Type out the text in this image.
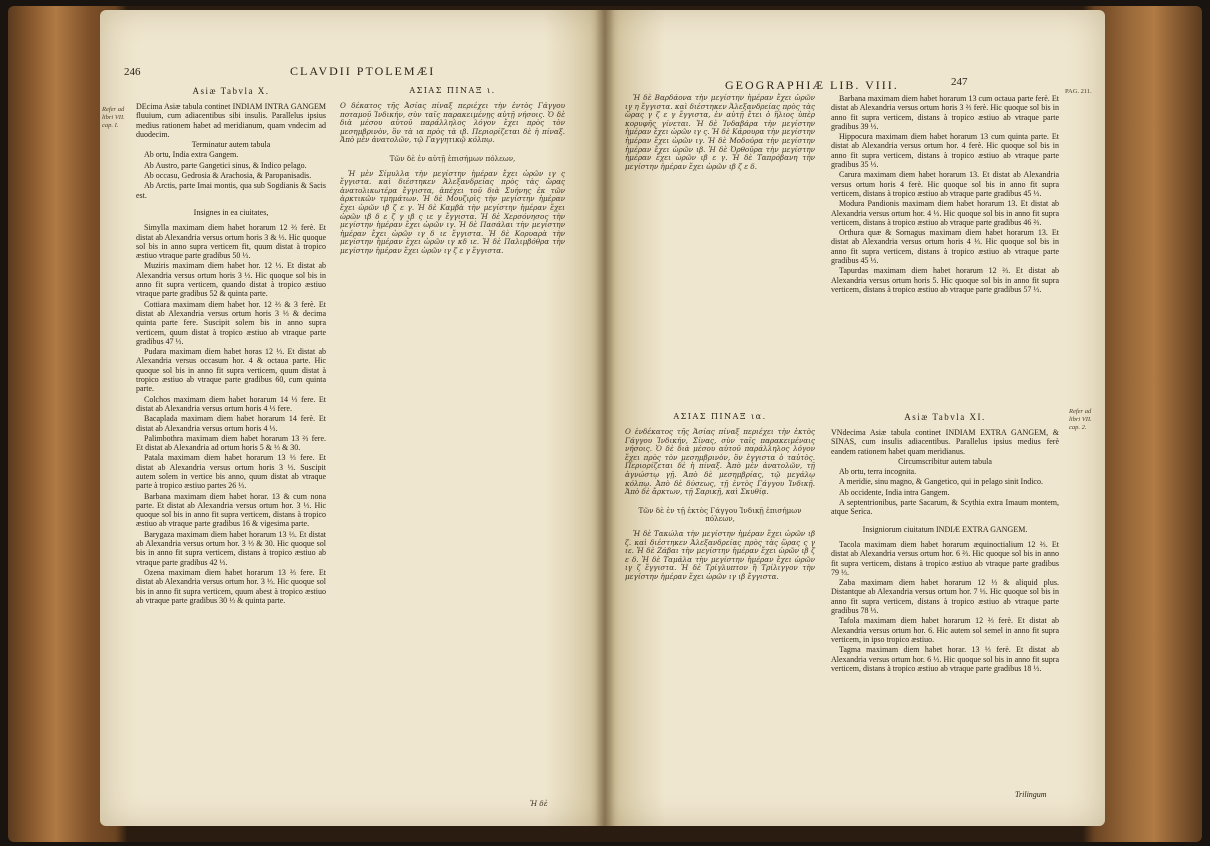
246	CLAVDII PTOLEMÆI
Asiæ Tabvla X.	ΑΣΙΑΣ ΠΙΝΑΞ ι.
Refer ad libri VII. cap. I.

DEcima Asiæ tabula continet INDIAM INTRA GANGEM fluuium, cum adiacentibus sibi insulis. Parallelus ipsius medius rationem habet ad meridianum, quam vndecim ad duodecim.

Terminatur autem tabula

Ab ortu, India extra Gangem.

Ab Austro, parte Gangetici sinus, & Indico pelago.

Ab occasu, Gedrosia & Arachosia, & Paropanisadis.

Ab Arctis, parte Imai montis, qua sub Sogdianis & Sacis est.

Insignes in ea ciuitates,

Simylla maximam diem habet horarum 12 ⅔ ferè. Et distat ab Alexandria versus ortum horis 3 & ⅓. Hic quoque sol bis in anno supra verticem fit, quum distat à tropico æstiuo vtraque parte gradibus 50 ⅓.

Muziris maximam diem habet hor. 12 ⅓. Et distat ab Alexandria versus ortum horis 3 ⅓. Hic quoque sol bis in anno fit supra verticem, quando distat à tropico æstiuo vtraque parte gradibus 52 & quinta parte.

Cottiara maximam diem habet hor. 12 ⅔ & 3 ferè. Et distat ab Alexandria versus ortum horis 3 ⅓ & decima quinta parte fere. Suscipit solem bis in anno supra verticem, quum distat à tropico æstiuo ab vtraque parte gradibus 47 ⅓.

Pudara maximam diem habet horas 12 ⅓. Et distat ab Alexandria versus occasum hor. 4 & octaua parte. Hic quoque sol bis in anno fit supra verticem, quum distat à tropico æstiuo ab vtraque parte gradibus 60, cum quinta parte.

Colchos maximam diem habet horarum 14 ⅓ fere. Et distat ab Alexandria versus ortum horis 4 ⅓ fere.

Bacaplada maximam diem habet horarum 14 ferè. Et distat ab Alexandria versus ortum horis 4 ⅓.

Palimbothra maximam diem habet horarum 13 ⅔ fere. Et distat ab Alexandria ad ortum horis 5 & ⅓ & 30.

Patala maximam diem habet horarum 13 ⅓ fere. Et distat ab Alexandria versus ortum horis 3 ⅓. Suscipit autem solem in vertice bis anno, quum distat ab vtraque parte à tropico æstiuo partes 26 ⅓.

Barbana maximam diem habet horar. 13 & cum nona parte. Et distat ab Alexandria versus ortum hor. 3 ⅓. Hic quoque sol bis in anno fit supra verticem, distans à tropico æstiuo ab vtraque parte gradibus 16 & vigesima parte.

Barygaza maximam diem habet horarum 13 ⅓. Et distat ab Alexandria versus ortum hor. 3 ⅓ & 30. Hic quoque sol bis in anno fit supra verticem, distans à tropico æstiuo ab vtraque parte gradibus 42 ⅓.

Ozena maximam diem habet horarum 13 ⅔ fere. Et distat ab Alexandria versus ortum hor. 3 ⅓. Hic quoque sol bis in anno fit supra verticem, quum abest à tropico æstiuo ab vtraque parte gradibus 30 ⅓ & quinta parte.

Ο δέκατος τῆς Ἀσίας πίναξ περιέχει τὴν ἐντὸς Γάγγου ποταμοῦ Ἰνδικήν, σὺν ταῖς παρακειμένῃς αὐτῇ νήσοις. Ὁ δὲ διὰ μέσου αὐτοῦ παράλληλος λόγον ἔχει πρὸς τὸν μεσημβρινὸν, ὃν τὰ ια πρὸς τὰ ιβ. Περιορίζεται δὲ ἡ πίναξ. Ἀπὸ μὲν ἀνατολῶν, τῷ Γαγγητικῷ κόλπῳ.

Τῶν δὲ ἐν αὐτῇ ἐπισήμων πόλεων,

Ἡ μὲν Σίμυλλα τὴν μεγίστην ἡμέραν ἔχει ὡρῶν ιγ ς ἔγγιστα. καὶ διέστηκεν Ἀλεξανδρείας πρὸς τὰς ὥρας ἀνατολικωτέρα ἔγγιστα, ἀπέχει τοῦ διὰ Συήνης ἐκ τῶν ἀρκτικῶν τμημάτων. Ἡ δὲ Μουζιρὶς τὴν μεγίστην ἡμέραν ἔχει ὡρῶν ιβ ζ ε γ. Ἡ δὲ Καμβὰ τὴν μεγίστην ἡμέραν ἔχει ὡρῶν ιβ δ ε ζ γ ιβ ς ιε γ ἔγγιστα. Ἡ δὲ Χερσόνησος τὴν μεγίστην ἡμέραν ἔχει ὡρῶν ιγ. Ἡ δὲ Πασάλαι τὴν μεγίστην ἡμέραν ἔχει ὡρῶν ιγ δ ιε ἔγγιστα. Ἡ δὲ Κορυαρὰ τὴν μεγίστην ἡμέραν ἔχει ὡρῶν ιγ κδ ιε. Ἡ δὲ Παλιμβόθρα τὴν μεγίστην ἡμέραν ἔχει ὡρῶν ιγ ζ ε γ ἔγγιστα.

Ἡ δὲ
GEOGRAPHIÆ LIB. VIII.	247
PAG. 211.

Ἡ δὲ Βαρδάονα τὴν μεγίστην ἡμέραν ἔχει ὡρῶν ιγ η ἔγγιστα. καὶ διέστηκεν Ἀλεξανδρείας πρὸς τὰς ὥρας γ ζ ε γ ἔγγιστα, ἐν αὐτῇ ἔτει ὁ ἥλιος ὑπὲρ κορυφῆς γίνεται. Ἡ δὲ Ἰνδαβάρα τὴν μεγίστην ἡμέραν ἔχει ὡρῶν ιγ ς. Ἡ δὲ Κάρουρα τὴν μεγίστην ἡμέραν ἔχει ὡρῶν ιγ. Ἡ δὲ Μοδούρα τὴν μεγίστην ἡμέραν ἔχει ὡρῶν ιβ. Ἡ δὲ Ὀρθοῦρα τὴν μεγίστην ἡμέραν ἔχει ὡρῶν ιβ ε γ. Ἡ δὲ Ταπρόβανη τὴν μεγίστην ἡμέραν ἔχει ὡρῶν ιβ ζ ε δ.

Barbana maximam diem habet horarum 13 cum octaua parte ferè. Et distat ab Alexandria versus ortum horis 3 ⅔ ferè. Hic quoque sol bis in anno fit supra verticem, distans à tropico æstiuo ab vtraque parte gradibus 39 ⅓.

Hippocura maximam diem habet horarum 13 cum quinta parte. Et distat ab Alexandria versus ortum hor. 4 ferè. Hic quoque sol bis in anno fit supra verticem, distans à tropico æstiuo ab vtraque parte gradibus 35 ⅓.

Carura maximam diem habet horarum 13. Et distat ab Alexandria versus ortum horis 4 ferè. Hic quoque sol bis in anno fit supra verticem, distans à tropico æstiuo ab vtraque parte gradibus 45 ⅓.

Modura Pandionis maximam diem habet horarum 13. Et distat ab Alexandria versus ortum hor. 4 ⅓. Hic quoque sol bis in anno fit supra verticem, distans à tropico æstiuo ab vtraque parte gradibus 46 ⅔.

Orthura quæ & Sornagus maximam diem habet horarum 13. Et distat ab Alexandria versus ortum horis 4 ⅓. Hic quoque sol bis in anno fit supra verticem, distans à tropico æstiuo ab vtraque parte gradibus 45 ⅓.

Tapurdas maximam diem habet horarum 12 ⅔. Et distat ab Alexandria versus ortum horis 5. Hic quoque sol bis in anno fit supra verticem, distans à tropico æstiuo ab vtraque parte gradibus 57 ⅓.

ΑΣΙΑΣ ΠΙΝΑΞ ια.	Asiæ Tabvla XI.
Refer ad libri VII. cap. 2.

Ο ἑνδέκατος τῆς Ἀσίας πίναξ περιέχει τὴν ἐκτὸς Γάγγου Ἰνδικήν, Σίνας, σὺν ταῖς παρακειμέναις νήσοις. Ὁ δὲ διὰ μέσου αὐτοῦ παράλληλος λόγον ἔχει πρὸς τὸν μεσημβρινὸν, ὃν ἐγγιστα ὁ ταὐτὸς. Περιορίζεται δὲ ἡ πίναξ. Ἀπὸ μὲν ἀνατολῶν, τῇ ἀγνώστῳ γῇ. Ἀπὸ δὲ μεσημβρίας, τῷ μεγάλῳ κόλπῳ. Ἀπὸ δὲ δύσεως, τῇ ἐντὸς Γάγγου Ἰνδικῇ. Ἀπὸ δὲ ἄρκτων, τῇ Σαρικῇ, καὶ Σκυθίᾳ.

Τῶν δὲ ἐν τῇ ἐκτὸς Γάγγου Ἰνδικῇ ἐπισήμων πόλεων,

Ἡ δὲ Τακώλα τὴν μεγίστην ἡμέραν ἔχει ὡρῶν ιβ ζ. καὶ διέστηκεν Ἀλεξανδρείας πρὸς τὰς ὥρας ς γ ιε. Ἡ δὲ Ζάβαι τὴν μεγίστην ἡμέραν ἔχει ὡρῶν ιβ ζ ε δ. Ἡ δὲ Ταμάλα τὴν μεγίστην ἡμέραν ἔχει ὡρῶν ιγ ζ ἔγγιστα. Ἡ δὲ Τρίγλυπτον ἢ Τρίλιγγον τὴν μεγίστην ἡμέραν ἔχει ὡρῶν ιγ ιβ ἔγγιστα.

VNdecima Asiæ tabula continet INDIAM EXTRA GANGEM, & SINAS, cum insulis adiacentibus. Parallelus ipsius medius ferè eandem rationem habet quam meridianus.

Circumscribitur autem tabula

Ab ortu, terra incognita.

A meridie, sinu magno, & Gangetico, qui in pelago sinit Indico.

Ab occidente, India intra Gangem.

A septentrionibus, parte Sacarum, & Scythia extra Imaum montem, atque Serica.

Insigniorum ciuitatum INDIÆ EXTRA GANGEM.

Tacola maximam diem habet horarum æquinoctialium 12 ⅔. Et distat ab Alexandria versus ortum hor. 6 ⅔. Hic quoque sol bis in anno fit supra verticem, distans à tropico æstiuo ab vtraque parte gradibus 79 ⅓.

Zaba maximam diem habet horarum 12 ⅓ & aliquid plus. Distantque ab Alexandria versus ortum hor. 7 ⅓. Hic quoque sol bis in anno fit supra verticem, distans à tropico æstiuo ab vtraque parte gradibus 78 ⅓.

Tafola maximam diem habet horarum 12 ⅔ ferè. Et distat ab Alexandria versus ortum hor. 6. Hic autem sol semel in anno fit supra verticem, in ipso tropico æstiuo.

Tagma maximam diem habet horar. 13 ⅓ ferè. Et distat ab Alexandria versus ortum hor. 6 ⅓. Hic quoque sol bis in anno fit supra verticem, distans à tropico æstiuo ab vtraque parte gradibus 18 ⅓.

Trilingum
